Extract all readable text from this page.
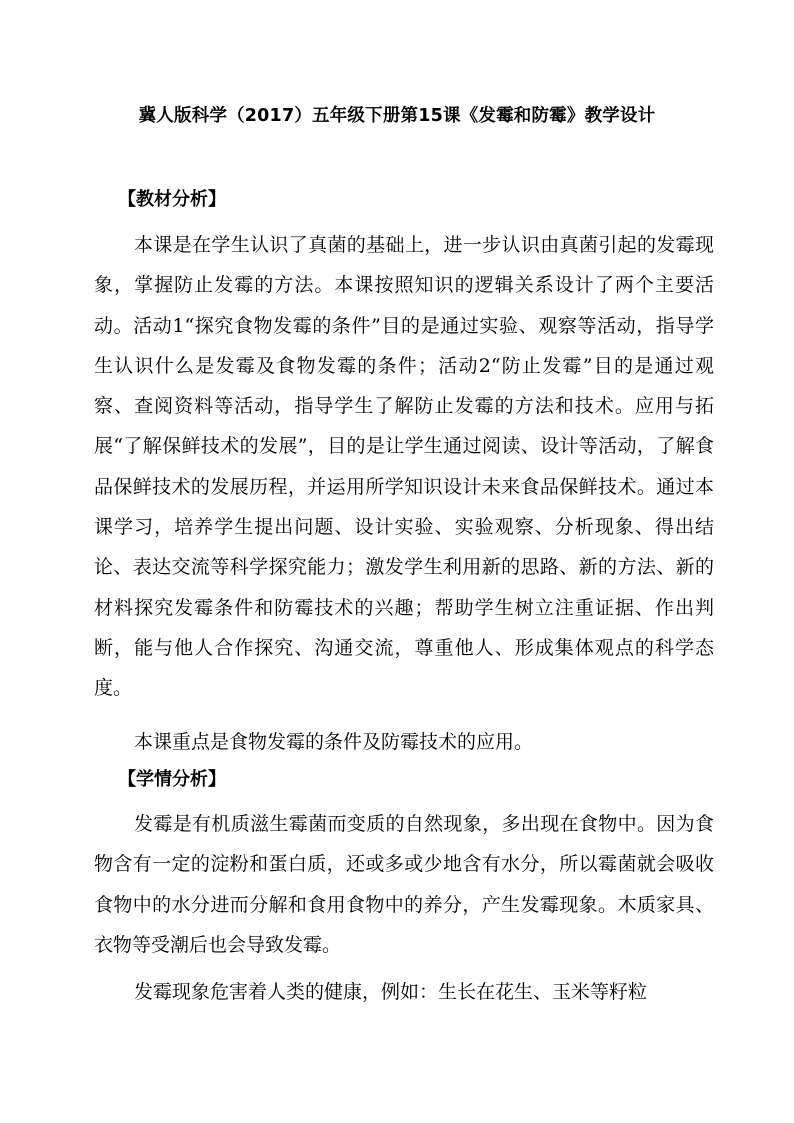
冀人版科学（2017）五年级下册第15课《发霉和防霉》教学设计
【教材分析】

本课是在学生认识了真菌的基础上，进一步认识由真菌引起的发霉现象，掌握防止发霉的方法。本课按照知识的逻辑关系设计了两个主要活动。活动1“探究食物发霉的条件”目的是通过实验、观察等活动，指导学生认识什么是发霉及食物发霉的条件；活动2“防止发霉”目的是通过观察、查阅资料等活动，指导学生了解防止发霉的方法和技术。应用与拓展“了解保鲜技术的发展”，目的是让学生通过阅读、设计等活动，了解食品保鲜技术的发展历程，并运用所学知识设计未来食品保鲜技术。通过本课学习，培养学生提出问题、设计实验、实验观察、分析现象、得出结论、表达交流等科学探究能力；激发学生利用新的思路、新的方法、新的材料探究发霉条件和防霉技术的兴趣；帮助学生树立注重证据、作出判断，能与他人合作探究、沟通交流，尊重他人、形成集体观点的科学态度。

本课重点是食物发霉的条件及防霉技术的应用。

【学情分析】

发霉是有机质滋生霉菌而变质的自然现象，多出现在食物中。因为食物含有一定的淀粉和蛋白质，还或多或少地含有水分，所以霉菌就会吸收食物中的水分进而分解和食用食物中的养分，产生发霉现象。木质家具、衣物等受潮后也会导致发霉。

发霉现象危害着人类的健康，例如：生长在花生、玉米等籽粒
